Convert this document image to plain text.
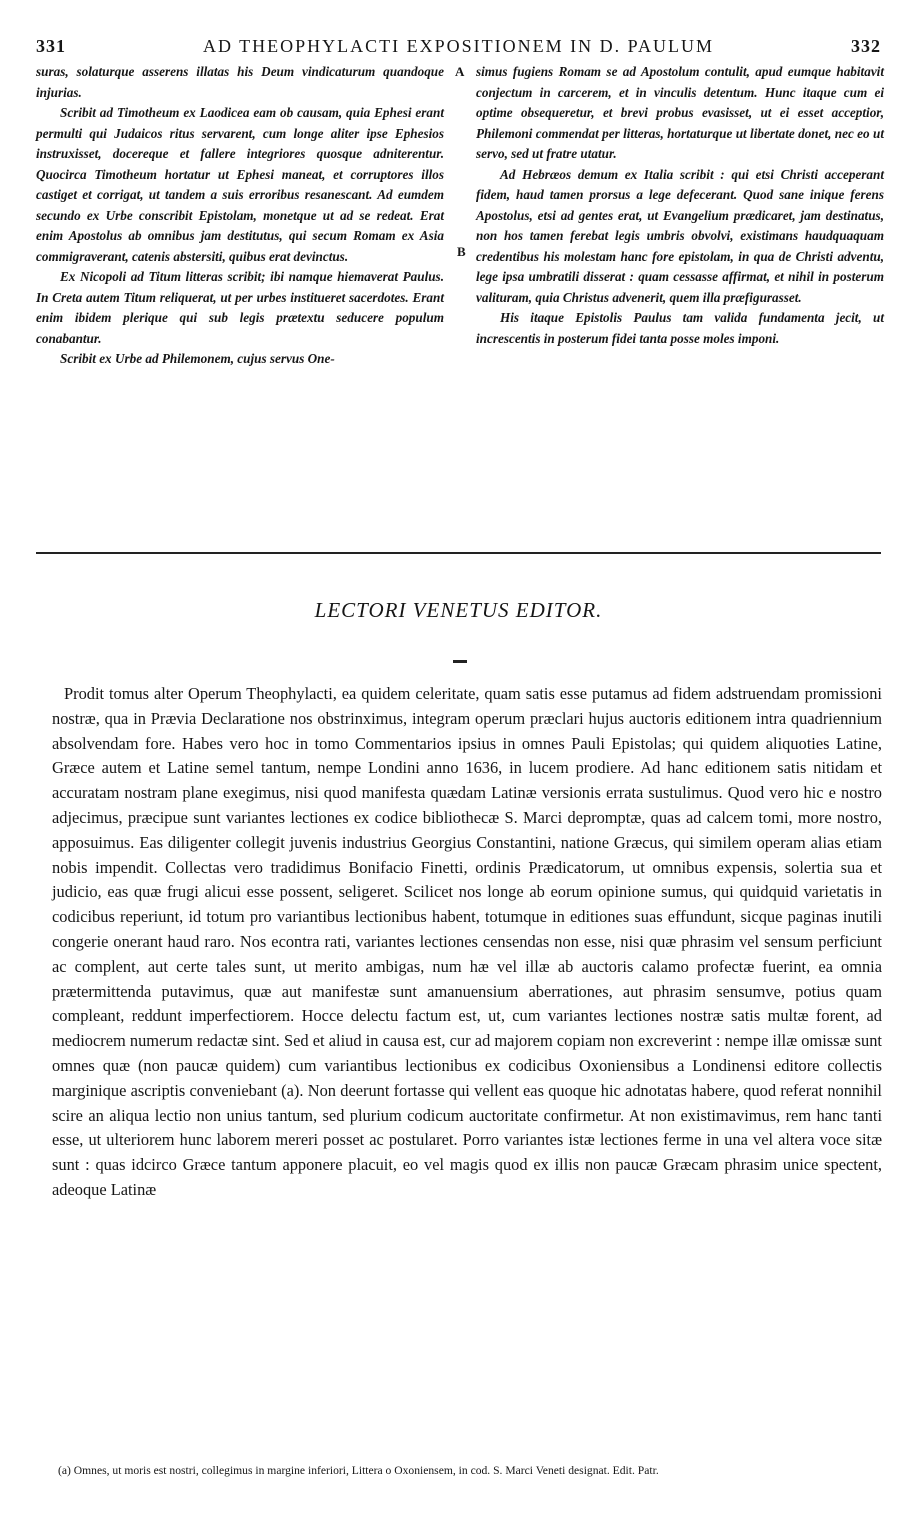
331	AD THEOPHYLACTI EXPOSITIONEM IN D. PAULUM	332

suras, solaturque asserens illatas his Deum vindicaturum quandoque injurias.

Scribit ad Timotheum ex Laodicea eam ob causam, quia Ephesi erant permulti qui Judaicos ritus servarent, cum longe aliter ipse Ephesios instruxisset, docereque et fallere integriores quosque adniterentur. Quocirca Timotheum hortatur ut Ephesi maneat, et corruptores illos castiget et corrigat, ut tandem a suis erroribus resanescant. Ad eumdem secundo ex Urbe conscribit Epistolam, monetque ut ad se redeat. Erat enim Apostolus ab omnibus jam destitutus, qui secum Romam ex Asia commigraverant, catenis abstersiti, quibus erat devinctus.

Ex Nicopoli ad Titum litteras scribit; ibi namque hiemaverat Paulus. In Creta autem Titum reliquerat, ut per urbes institueret sacerdotes. Erant enim ibidem plerique qui sub legis prætextu seducere populum conabantur.

Scribit ex Urbe ad Philemonem, cujus servus One-

A
B

simus fugiens Romam se ad Apostolum contulit, apud eumque habitavit conjectum in carcerem, et in vinculis detentum. Hunc itaque cum ei optime obsequeretur, et brevi probus evasisset, ut ei esset acceptior, Philemoni commendat per litteras, hortaturque ut libertate donet, nec eo ut servo, sed ut fratre utatur.

Ad Hebræos demum ex Italia scribit : qui etsi Christi acceperant fidem, haud tamen prorsus a lege defecerant. Quod sane inique ferens Apostolus, etsi ad gentes erat, ut Evangelium prædicaret, jam destinatus, non hos tamen ferebat legis umbris obvolvi, existimans haudquaquam credentibus his molestam hanc fore epistolam, in qua de Christi adventu, lege ipsa umbratili disserat : quam cessasse affirmat, et nihil in posterum valituram, quia Christus advenerit, quem illa præfigurasset.

His itaque Epistolis Paulus tam valida fundamenta jecit, ut increscentis in posterum fidei tanta posse moles imponi.

LECTORI VENETUS EDITOR.

Prodit tomus alter Operum Theophylacti, ea quidem celeritate, quam satis esse putamus ad fidem adstruendam promissioni nostræ, qua in Prævia Declaratione nos obstrinximus, integram operum præclari hujus auctoris editionem intra quadriennium absolvendam fore. Habes vero hoc in tomo Commentarios ipsius in omnes Pauli Epistolas; qui quidem aliquoties Latine, Græce autem et Latine semel tantum, nempe Londini anno 1636, in lucem prodiere. Ad hanc editionem satis nitidam et accuratam nostram plane exegimus, nisi quod manifesta quædam Latinæ versionis errata sustulimus. Quod vero hic e nostro adjecimus, præcipue sunt variantes lectiones ex codice bibliothecæ S. Marci depromptæ, quas ad calcem tomi, more nostro, apposuimus. Eas diligenter collegit juvenis industrius Georgius Constantini, natione Græcus, qui similem operam alias etiam nobis impendit. Collectas vero tradidimus Bonifacio Finetti, ordinis Prædicatorum, ut omnibus expensis, solertia sua et judicio, eas quæ frugi alicui esse possent, seligeret. Scilicet nos longe ab eorum opinione sumus, qui quidquid varietatis in codicibus reperiunt, id totum pro variantibus lectionibus habent, totumque in editiones suas effundunt, sicque paginas inutili congerie onerant haud raro. Nos econtra rati, variantes lectiones censendas non esse, nisi quæ phrasim vel sensum perficiunt ac complent, aut certe tales sunt, ut merito ambigas, num hæ vel illæ ab auctoris calamo profectæ fuerint, ea omnia prætermittenda putavimus, quæ aut manifestæ sunt amanuensium aberrationes, aut phrasim sensumve, potius quam compleant, reddunt imperfectiorem. Hocce delectu factum est, ut, cum variantes lectiones nostræ satis multæ forent, ad mediocrem numerum redactæ sint. Sed et aliud in causa est, cur ad majorem copiam non excreverint : nempe illæ omissæ sunt omnes quæ (non paucæ quidem) cum variantibus lectionibus ex codicibus Oxoniensibus a Londinensi editore collectis marginique ascriptis conveniebant (a). Non deerunt fortasse qui vellent eas quoque hic adnotatas habere, quod referat nonnihil scire an aliqua lectio non unius tantum, sed plurium codicum auctoritate confirmetur. At non existimavimus, rem hanc tanti esse, ut ulteriorem hunc laborem mereri posset ac postularet. Porro variantes istæ lectiones ferme in una vel altera voce sitæ sunt : quas idcirco Græce tantum apponere placuit, eo vel magis quod ex illis non paucæ Græcam phrasim unice spectent, adeoque Latinæ

(a) Omnes, ut moris est nostri, collegimus in margine inferiori, Littera o Oxoniensem, in cod. S. Marci Veneti designat. Edit. Patr.
